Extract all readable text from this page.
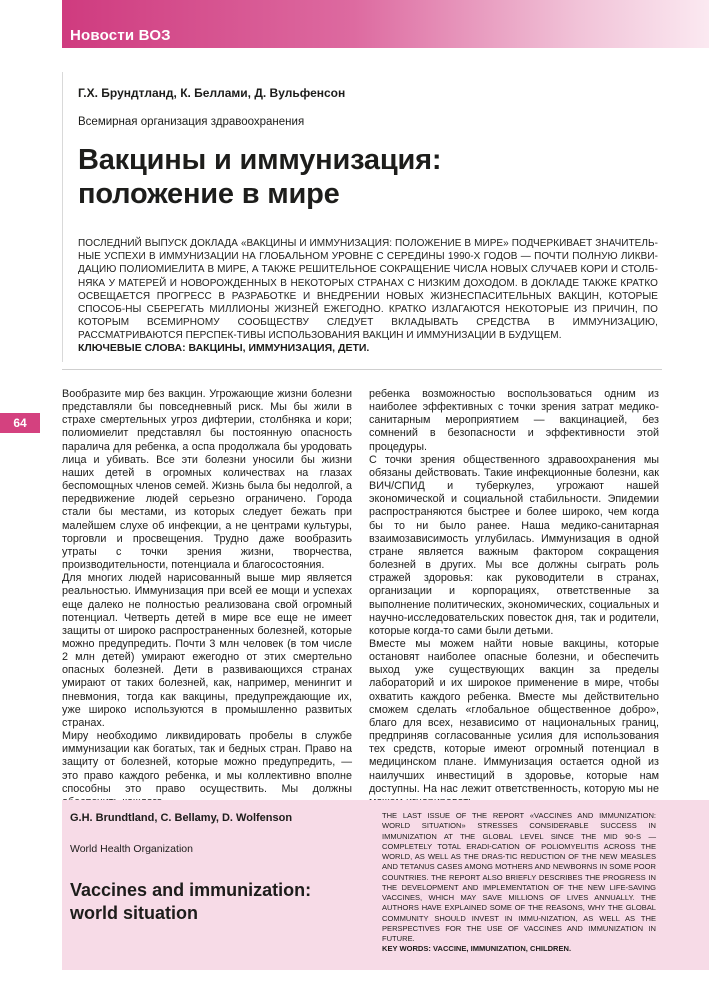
Новости ВОЗ
64
Г.Х. Брундтланд, К. Беллами, Д. Вульфенсон
Всемирная организация здравоохранения
Вакцины и иммунизация:
положение в мире
ПОСЛЕДНИЙ ВЫПУСК ДОКЛАДА «ВАКЦИНЫ И ИММУНИЗАЦИЯ: ПОЛОЖЕНИЕ В МИРЕ» ПОДЧЕРКИВАЕТ ЗНАЧИТЕЛЬ-НЫЕ УСПЕХИ В ИММУНИЗАЦИИ НА ГЛОБАЛЬНОМ УРОВНЕ С СЕРЕДИНЫ 1990-Х ГОДОВ — ПОЧТИ ПОЛНУЮ ЛИКВИ-ДАЦИЮ ПОЛИОМИЕЛИТА В МИРЕ, А ТАКЖЕ РЕШИТЕЛЬНОЕ СОКРАЩЕНИЕ ЧИСЛА НОВЫХ СЛУЧАЕВ КОРИ И СТОЛБ-НЯКА У МАТЕРЕЙ И НОВОРОЖДЕННЫХ В НЕКОТОРЫХ СТРАНАХ С НИЗКИМ ДОХОДОМ. В ДОКЛАДЕ ТАКЖЕ КРАТКО ОСВЕЩАЕТСЯ ПРОГРЕСС В РАЗРАБОТКЕ И ВНЕДРЕНИИ НОВЫХ ЖИЗНЕСПАСИТЕЛЬНЫХ ВАКЦИН, КОТОРЫЕ СПОСОБ-НЫ СБЕРЕГАТЬ МИЛЛИОНЫ ЖИЗНЕЙ ЕЖЕГОДНО. КРАТКО ИЗЛАГАЮТСЯ НЕКОТОРЫЕ ИЗ ПРИЧИН, ПО КОТОРЫМ ВСЕМИРНОМУ СООБЩЕСТВУ СЛЕДУЕТ ВКЛАДЫВАТЬ СРЕДСТВА В ИММУНИЗАЦИЮ, РАССМАТРИВАЮТСЯ ПЕРСПЕК-ТИВЫ ИСПОЛЬЗОВАНИЯ ВАКЦИН И ИММУНИЗАЦИИ В БУДУЩЕМ.
КЛЮЧЕВЫЕ СЛОВА: ВАКЦИНЫ, ИММУНИЗАЦИЯ, ДЕТИ.

Вообразите мир без вакцин. Угрожающие жизни болезни представляли бы повседневный риск. Мы бы жили в страхе смертельных угроз дифтерии, столбняка и кори; полиомиелит представлял бы постоянную опасность паралича для ребенка, а оспа продолжала бы уродовать лица и убивать. Все эти болезни уносили бы жизни наших детей в огромных количествах на глазах беспомощных членов семей. Жизнь была бы недолгой, а передвижение людей серьезно ограничено. Города стали бы местами, из которых следует бежать при малейшем слухе об инфекции, а не центрами культуры, торговли и просвещения. Трудно даже вообразить утраты с точки зрения жизни, творчества, производительности, потенциала и благосостояния.

Для многих людей нарисованный выше мир является реальностью. Иммунизация при всей ее мощи и успехах еще далеко не полностью реализована свой огромный потенциал. Четверть детей в мире все еще не имеет защиты от широко распространенных болезней, которые можно предупредить. Почти 3 млн человек (в том числе 2 млн детей) умирают ежегодно от этих смертельно опасных болезней. Дети в развивающихся странах умирают от таких болезней, как, например, менингит и пневмония, тогда как вакцины, предупреждающие их, уже широко используются в промышленно развитых странах.

Миру необходимо ликвидировать пробелы в службе иммунизации как богатых, так и бедных стран. Право на защиту от болезней, которые можно предупредить, — это право каждого ребенка, и мы коллективно вполне способны это право осуществить. Мы должны

ребенка возможностью воспользоваться одним из наиболее эффективных с точки зрения затрат медико-санитарным мероприятием — вакцинацией, без сомнений в безопасности и эффективности этой процедуры.

С точки зрения общественного здравоохранения мы обязаны действовать. Такие инфекционные болезни, как ВИЧ/СПИД и туберкулез, угрожают нашей экономической и социальной стабильности. Эпидемии распространяются быстрее и более широко, чем когда бы то ни было ранее. Наша медико-санитарная взаимозависимость углубилась. Иммунизация в одной стране является важным фактором сокращения болезней в других. Мы все должны сыграть роль стражей здоровья: как руководители в странах, организации и корпорациях, ответственные за выполнение политических, экономических, социальных и научно-исследовательских повесток дня, так и родители, которые когда-то сами были детьми.

Вместе мы можем найти новые вакцины, которые остановят наиболее опасные болезни, и обеспечить выход уже существующих вакцин за пределы лабораторий и их широкое применение в мире, чтобы охватить каждого ребенка. Вместе мы действительно сможем сделать «глобальное общественное добро», благо для всех, независимо от национальных границ, предприняв согласованные усилия для использования тех средств, которые имеют огромный потенциал в медицинском плане. Иммунизация остается одной из наилучших инвестиций в здоровье, которые нам доступны. На нас лежит ответственность, которую мы не

G.H. Brundtland, C. Bellamy, D. Wolfenson
World Health Organization
Vaccines and immunization:
world situation
THE LAST ISSUE OF THE REPORT «VACCINES AND IMMUNIZATION: WORLD SITUATION» STRESSES CONSIDERABLE SUCCESS IN IMMUNIZATION AT THE GLOBAL LEVEL SINCE THE MID 90-S — COMPLETELY TOTAL ERADI-CATION OF POLIOMYELITIS ACROSS THE WORLD, AS WELL AS THE DRAS-TIC REDUCTION OF THE NEW MEASLES AND TETANUS CASES AMONG MOTHERS AND NEWBORNS IN SOME POOR COUNTRIES. THE REPORT ALSO BRIEFLY DESCRIBES THE PROGRESS IN THE DEVELOPMENT AND IMPLEMENTATION OF THE NEW LIFE-SAVING VACCINES, WHICH MAY SAVE MILLIONS OF LIVES ANNUALLY. THE AUTHORS HAVE EXPLAINED SOME OF THE REASONS, WHY THE GLOBAL COMMUNITY SHOULD INVEST IN IMMU-NIZATION, AS WELL AS THE PERSPECTIVES FOR THE USE OF VACCINES AND IMMUNIZATION IN FUTURE.
KEY WORDS: VACCINE, IMMUNIZATION, CHILDREN.
